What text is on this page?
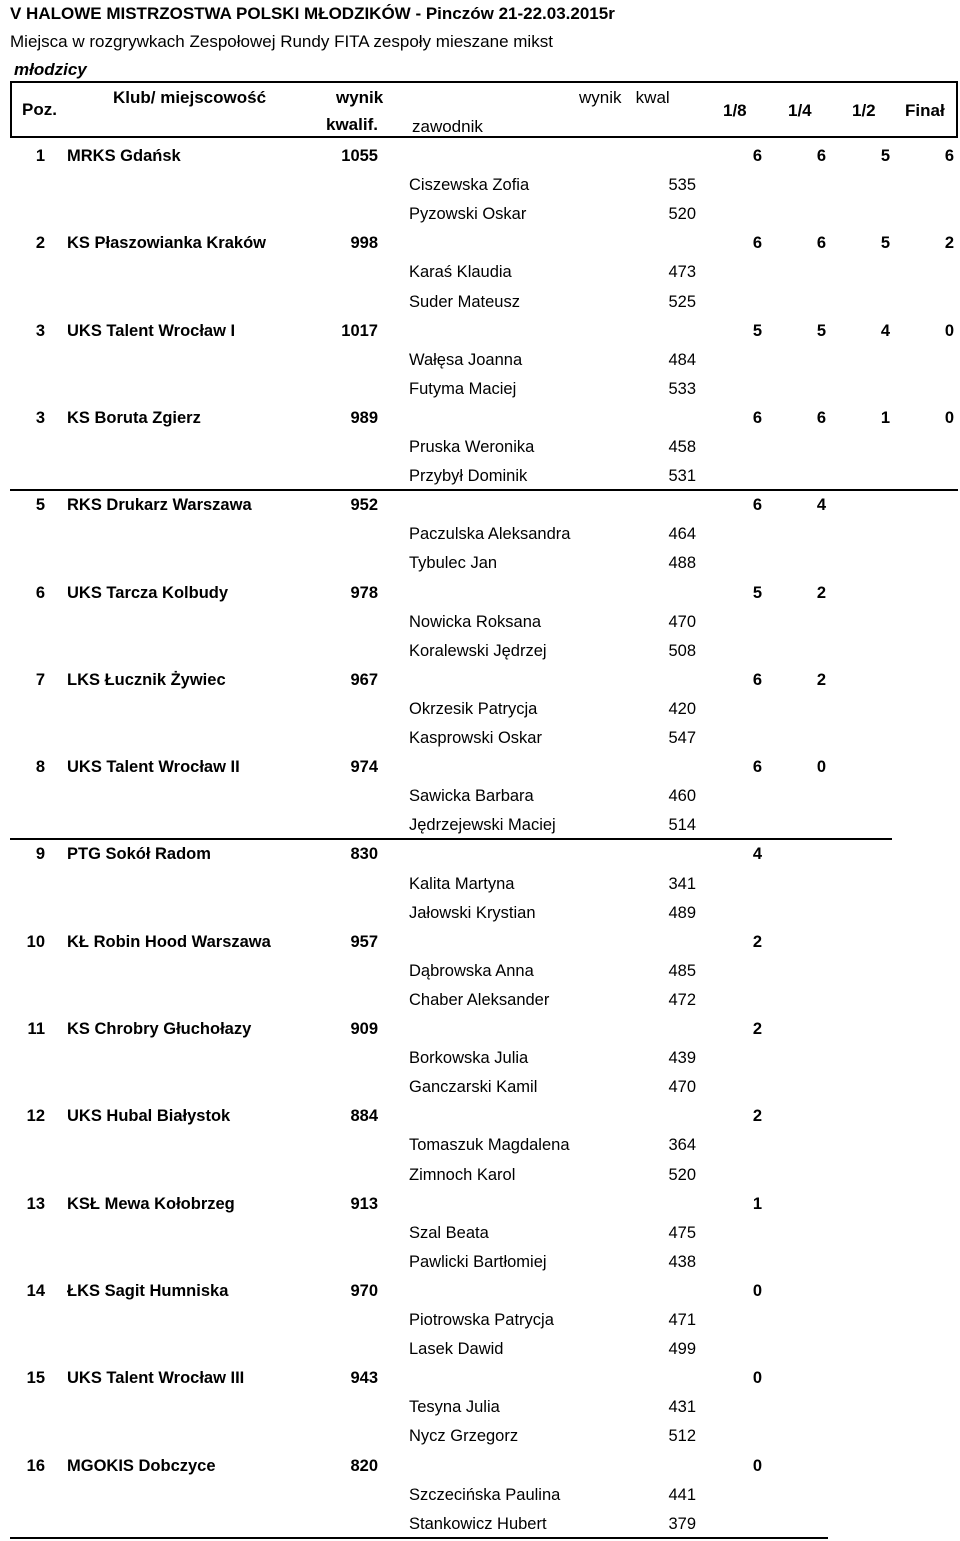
V HALOWE MISTRZOSTWA POLSKI MŁODZIKÓW - Pinczów 21-22.03.2015r
Miejsca w rozgrywkach Zespołowej Rundy FITA zespoły mieszane mikst
młodzicy
Poz.
Klub/ miejscowość	wynik
kwalif. zawodnik
wynik   kwal
1/8 1/4 1/2 Finał
1 MRKS Gdańsk	1055	6	6	5	6
Ciszewska Zofia	535
Pyzowski Oskar	520
2 KS Płaszowianka Kraków	998	6	6	5	2
Karaś Klaudia	473
Suder Mateusz	525
3 UKS Talent Wrocław I	1017	5	5	4	0
Wałęsa Joanna	484
Futyma Maciej	533
3 KS Boruta Zgierz	989	6	6	1	0
Pruska Weronika	458
Przybył Dominik	531
5 RKS Drukarz Warszawa	952	6	4
Paczulska Aleksandra	464
Tybulec Jan	488
6 UKS Tarcza Kolbudy	978	5	2
Nowicka Roksana	470
Koralewski Jędrzej	508
7 LKS Łucznik Żywiec	967	6	2
Okrzesik Patrycja	420
Kasprowski Oskar	547
8 UKS Talent Wrocław II	974	6	0
Sawicka Barbara	460
Jędrzejewski Maciej	514
9 PTG Sokół Radom	830	4
Kalita Martyna	341
Jałowski Krystian	489
10 KŁ Robin Hood Warszawa	957	2
Dąbrowska Anna	485
Chaber Aleksander	472
11 KS Chrobry Głuchołazy	909	2
Borkowska Julia	439
Ganczarski Kamil	470
12 UKS Hubal Białystok	884	2
Tomaszuk Magdalena	364
Zimnoch Karol	520
13 KSŁ Mewa Kołobrzeg	913	1
Szal Beata	475
Pawlicki Bartłomiej	438
14 ŁKS Sagit Humniska	970	0
Piotrowska Patrycja	471
Lasek Dawid	499
15 UKS Talent Wrocław III	943	0
Tesyna Julia	431
Nycz Grzegorz	512
16 MGOKIS Dobczyce	820	0
Szczecińska Paulina	441
Stankowicz Hubert	379
